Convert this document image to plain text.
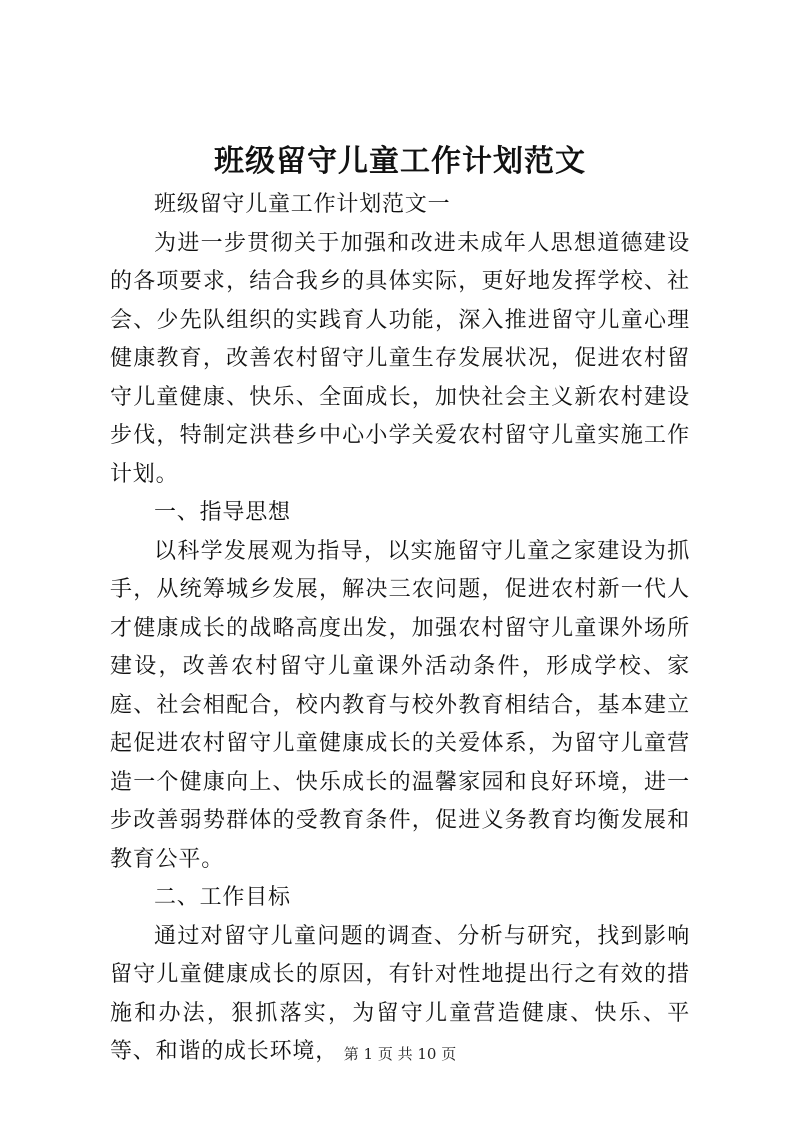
班级留守儿童工作计划范文

班级留守儿童工作计划范文一

为进一步贯彻关于加强和改进未成年人思想道德建设的各项要求，结合我乡的具体实际，更好地发挥学校、社会、少先队组织的实践育人功能，深入推进留守儿童心理健康教育，改善农村留守儿童生存发展状况，促进农村留守儿童健康、快乐、全面成长，加快社会主义新农村建设步伐，特制定洪巷乡中心小学关爱农村留守儿童实施工作计划。

一、指导思想

以科学发展观为指导，以实施留守儿童之家建设为抓手，从统筹城乡发展，解决三农问题，促进农村新一代人才健康成长的战略高度出发，加强农村留守儿童课外场所建设，改善农村留守儿童课外活动条件，形成学校、家庭、社会相配合，校内教育与校外教育相结合，基本建立起促进农村留守儿童健康成长的关爱体系，为留守儿童营造一个健康向上、快乐成长的温馨家园和良好环境，进一步改善弱势群体的受教育条件，促进义务教育均衡发展和教育公平。

二、工作目标

通过对留守儿童问题的调查、分析与研究，找到影响留守儿童健康成长的原因，有针对性地提出行之有效的措施和办法，狠抓落实，为留守儿童营造健康、快乐、平等、和谐的成长环境， 第 1 页 共 10 页
